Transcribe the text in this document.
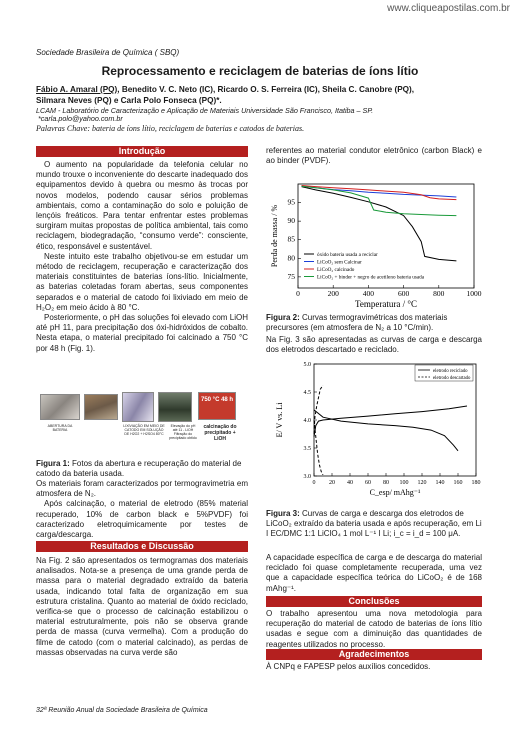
www.cliqueapostilas.com.br
Sociedade Brasileira de Química ( SBQ)
Reprocessamento e reciclagem de baterias de íons lítio
Fábio A. Amaral (PQ), Benedito V. C. Neto (IC), Ricardo O. S. Ferreira (IC), Sheila C. Canobre (PQ),
Silmara Neves (PQ) e Carla Polo Fonseca (PQ)*.
LCAM - Laboratório de Caracterização e Aplicação de Materiais Universidade São Francisco, Itatiba – SP.
*carla.polo@yahoo.com.br
Palavras Chave: bateria de íons lítio, reciclagem de baterias e catodos de baterias.
Introdução

O aumento na popularidade da telefonia celular no mundo trouxe o inconveniente do descarte inadequado dos equipamentos devido à quebra ou mesmo às trocas por novos modelos, podendo causar sérios problemas ambientais, como a contaminação do solo e poluição de lençóis freáticos. Para tentar enfrentar estes problemas surgiram muitas propostas de política ambiental, tais como reciclagem, biodegradação, “consumo verde”: consciente, ético, responsável e sustentável.

Neste intuito este trabalho objetivou-se em estudar um método de reciclagem, recuperação e caracterização dos materiais constituintes de baterias íons-lítio. Inicialmente, as baterias coletadas foram abertas, seus componentes separados e o material de catodo foi lixiviado em meio de H₂O₂ em meio ácido à 80 °C.

Posteriormente, o pH das soluções foi elevado com LiOH até pH 11, para precipitação dos óxi-hidróxidos de cobalto. Nesta etapa, o material precipitado foi calcinado a 750 °C por 48 h (Fig. 1).

750 °C 48 h
ABERTURA DA BATERIA
LIXIVIAÇÃO EM MEIO DE CATODO EM SOLUÇÃO DE H2O2 + H2SO4 80°C
Elevação do pH até 11 - LiOH Filtração do precipitado obtido
calcinação do precipitado + LiOH
Figura 1: Fotos da abertura e recuperação do material de catodo da bateria usada.

Os materiais foram caracterizados por termogravimetria em atmosfera de N₂.

Após calcinação, o material de eletrodo (85% material recuperado, 10% de carbon black e 5%PVDF) foi caracterizado eletroquimicamente por testes de carga/descarga.

Resultados e Discussão

Na Fig. 2 são apresentados os termogramas dos materiais analisados. Nota-se a presença de uma grande perda de massa para o material degradado extraído da bateria usada, indicando total falta de organização em sua estrutura cristalina. Quanto ao material de óxido reciclado, verifica-se que o processo de calcinação estabilizou o material estruturalmente, pois não se observa grande perda de massa (curva vermelha). Com a produção do filme de catodo (com o material calcinado), as perdas de massas observadas na curva verde são

referentes ao material condutor eletrônico (carbon Black) e ao binder (PVDF).
0	200	400	600	800	1000
75
80
85
90
95
Temperatura / °C
Perda de massa / %	óxido bateria usada a reciclar
LiCoO₂ sem Calcinar
LiCoO₂ calcinado
LiCoO₂ + binder + negro de acetileno bateria usada
Figura 2: Curvas termogravimétricas dos materiais precursores (em atmosfera de N₂ a 10 °C/min).
Na Fig. 3 são apresentadas as curvas de carga e descarga dos eletrodos descartado e reciclado.
0 20 40 60 80 100 120 140 160 180
3.0
3.5
4.0
4.5
5.0
C_esp/ mAhg⁻¹
E/ V vs. Li
eletrodo reciclado
eletrodo descartado
Figura 3: Curvas de carga e descarga dos eletrodos de LiCoO₂ extraído da bateria usada e após recuperação, em Li I EC/DMC 1:1 LiClO₄ 1 mol L⁻¹ I Li; i_c = i_d = 100 μA.
A capacidade específica de carga e de descarga do material reciclado foi quase completamente recuperada, uma vez que a capacidade específica teórica do LiCoO₂ é de 168 mAhg⁻¹.
Conclusões
O trabalho apresentou uma nova metodologia para recuperação do material de catodo de baterias de íons lítio usadas e segue com a diminuição das quantidades de reagentes utilizados no processo.
Agradecimentos
À CNPq e FAPESP pelos auxílios concedidos.
32ª Reunião Anual da Sociedade Brasileira de Química
